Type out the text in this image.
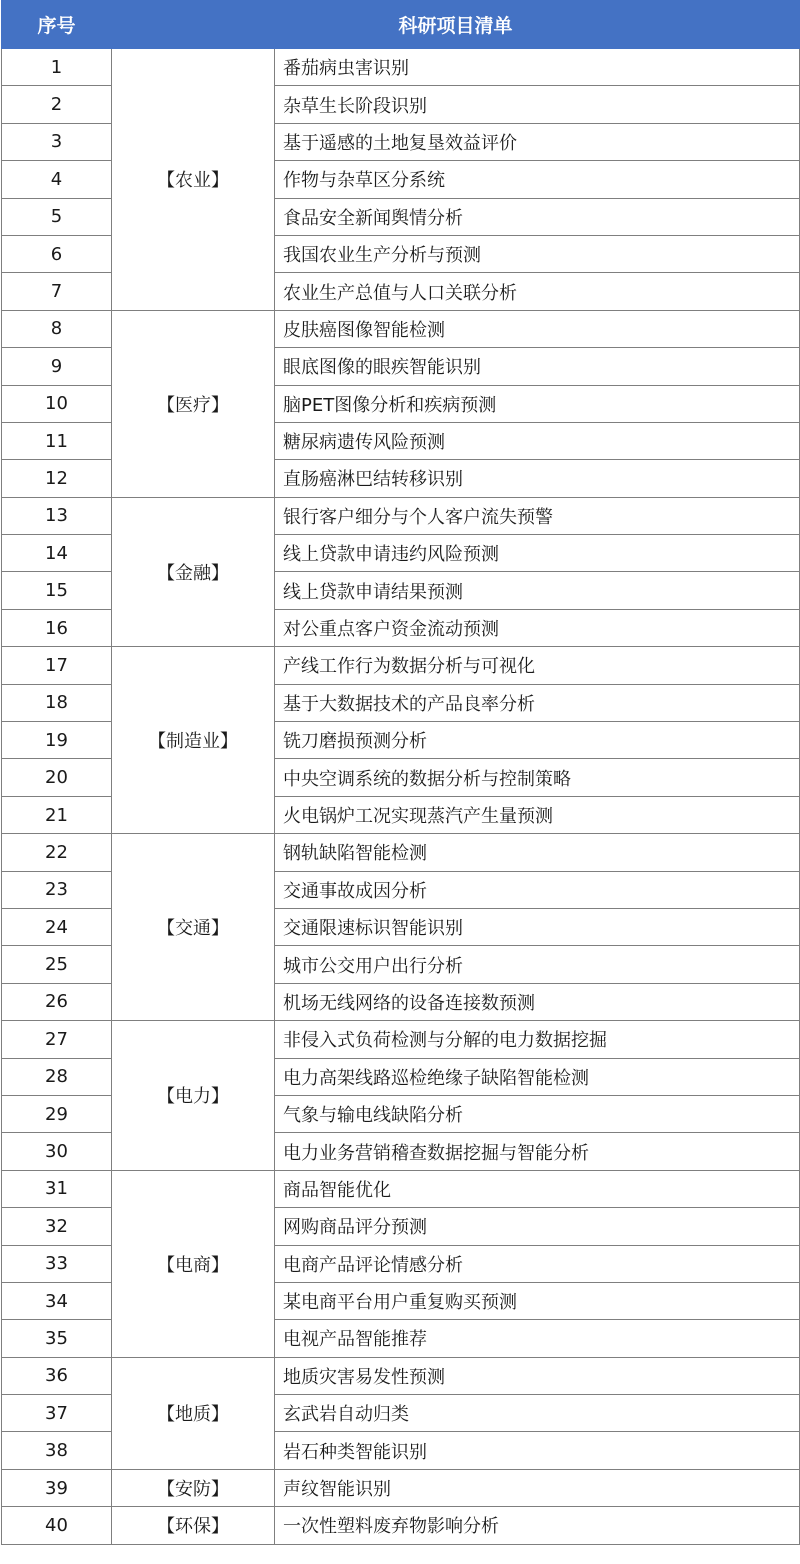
序号	科研项目清单	
1	【农业】	番茄病虫害识别
2		杂草生长阶段识别
3		基于遥感的土地复垦效益评价
4		作物与杂草区分系统
5		食品安全新闻舆情分析
6		我国农业生产分析与预测
7		农业生产总值与人口关联分析
8	【医疗】	皮肤癌图像智能检测
9		眼底图像的眼疾智能识别
10		脑PET图像分析和疾病预测
11		糖尿病遗传风险预测
12		直肠癌淋巴结转移识别
13	【金融】	银行客户细分与个人客户流失预警
14		线上贷款申请违约风险预测
15		线上贷款申请结果预测
16		对公重点客户资金流动预测
17	【制造业】	产线工作行为数据分析与可视化
18		基于大数据技术的产品良率分析
19		铣刀磨损预测分析
20		中央空调系统的数据分析与控制策略
21		火电锅炉工况实现蒸汽产生量预测
22	【交通】	钢轨缺陷智能检测
23		交通事故成因分析
24		交通限速标识智能识别
25		城市公交用户出行分析
26		机场无线网络的设备连接数预测
27	【电力】	非侵入式负荷检测与分解的电力数据挖掘
28		电力高架线路巡检绝缘子缺陷智能检测
29		气象与输电线缺陷分析
30		电力业务营销稽查数据挖掘与智能分析
31	【电商】	商品智能优化
32		网购商品评分预测
33		电商产品评论情感分析
34		某电商平台用户重复购买预测
35		电视产品智能推荐
36	【地质】	地质灾害易发性预测
37		玄武岩自动归类
38		岩石种类智能识别
39	【安防】	声纹智能识别
40	【环保】	一次性塑料废弃物影响分析
